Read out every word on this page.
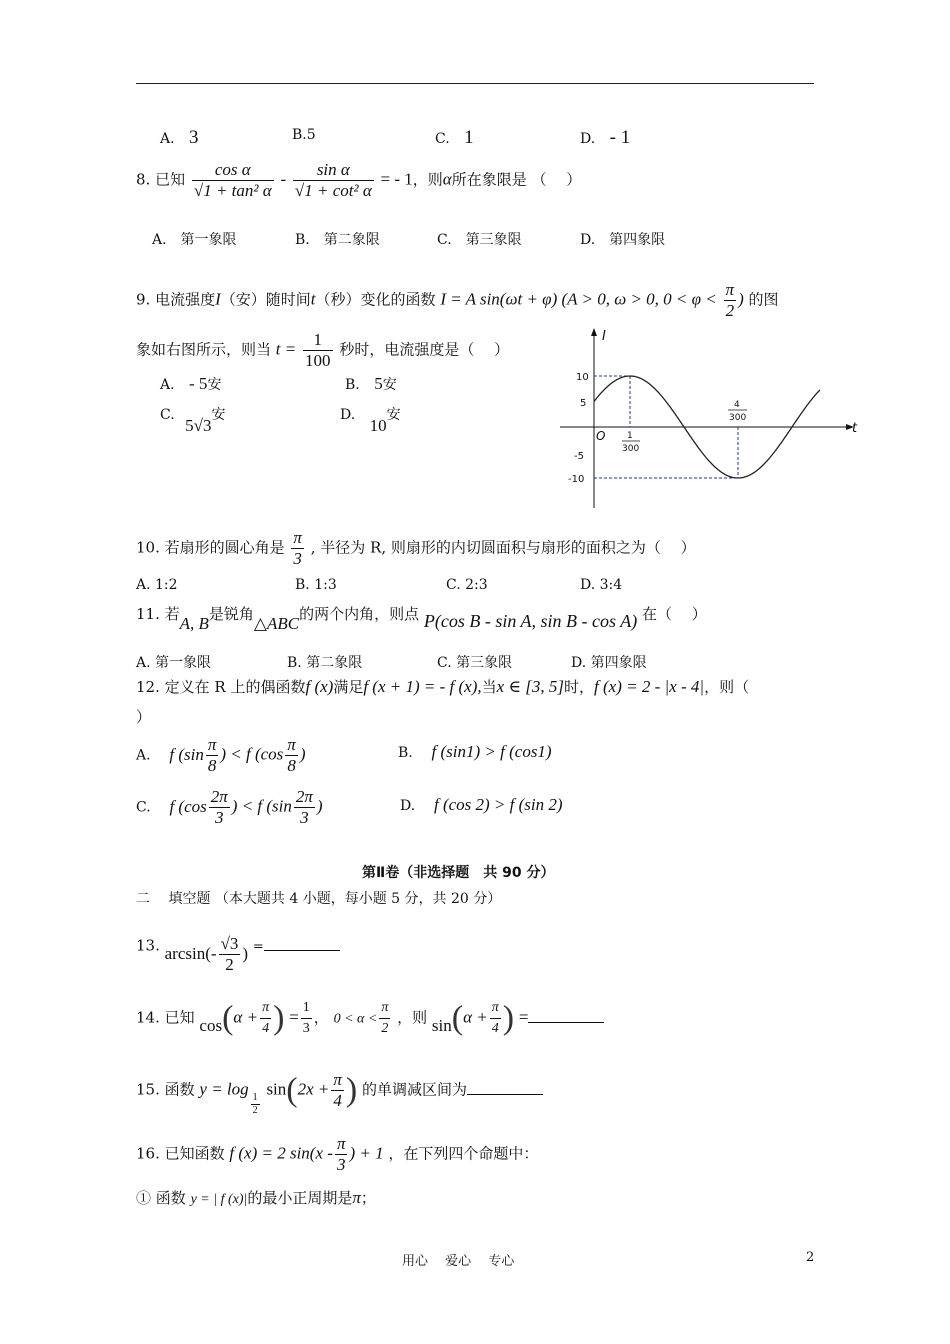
A. 3	B.5	C. 1	D. - 1
8. 已知 $\frac{\text{cos α}}{\text{√1 + tan² α}} - \frac{\text{sin α}}{\text{√1 + cot² α}}$ = - 1，则α所在象限是 （　 ）
A.　第一象限	B.　第二象限	C.　第三象限	D.　第四象限
9. 电流强度I（安）随时间t（秒）变化的函数 I = A sin(ωt + φ) (A > 0, ω > 0, $0 < \varphi < \frac{\pi}{2}$ ) 的图
象如右图所示，则当 $t = \frac{1}{100}$ 秒时，电流强度是（　 ）
A. - 5安	B. 5安
C. 5√3安	D. 10安
I
t
O
10
5
-5
-10
1
300
4
300
10. 若扇形的圆心角是 $\frac{\pi}{3}$ , 半径为 R, 则扇形的内切圆面积与扇形的面积之为（　 ）
A. 1:2	B. 1:3	C. 2:3	D. 3:4
11. 若A, B是锐角△ABC的两个内角，则点 P(cos B - sin A, sin B - cos A) 在（　 ）
A. 第一象限	B. 第二象限	C. 第三象限	D. 第四象限
12. 定义在 R 上的偶函数f (x)满足f (x + 1) = - f (x),当x ∈ [3, 5]时，f (x) = 2 - |x - 4|，则（
）
A. f ($\sin \frac{\pi}{8}$ ) < f ($\cos \frac{\pi}{8}$ )	B. f (sin1) > f (cos1)
C. f ($\cos \frac{2\pi}{3}$ ) < f ($\sin \frac{2\pi}{3}$ )	D. f (cos 2) > f (sin 2)
第Ⅱ卷（非选择题　共 90 分）
二　 填空题 （本大题共 4 小题，每小题 5 分，共 20 分）
13. $\arcsin(- \frac{√3}{2}$ ) =
14. 已知 $\cos(\alpha + \frac{\pi}{4}$ ) = $\frac{1}{3}$ ， $0 < \alpha < \frac{\pi}{2}$ ，则 $\sin(\alpha + \frac{\pi}{4}$ ) =
15. 函数 y = log
$\frac{1}{2}$
$\sin(2x + \frac{\pi}{4}$ ) 的单调减区间为
16. 已知函数 f (x) = 2 $\sin(x - \frac{\pi}{3}$ ) + 1 ，在下列四个命题中：
① 函数 y = | f (x)|的最小正周期是π；
用心　 爱心　 专心	2
